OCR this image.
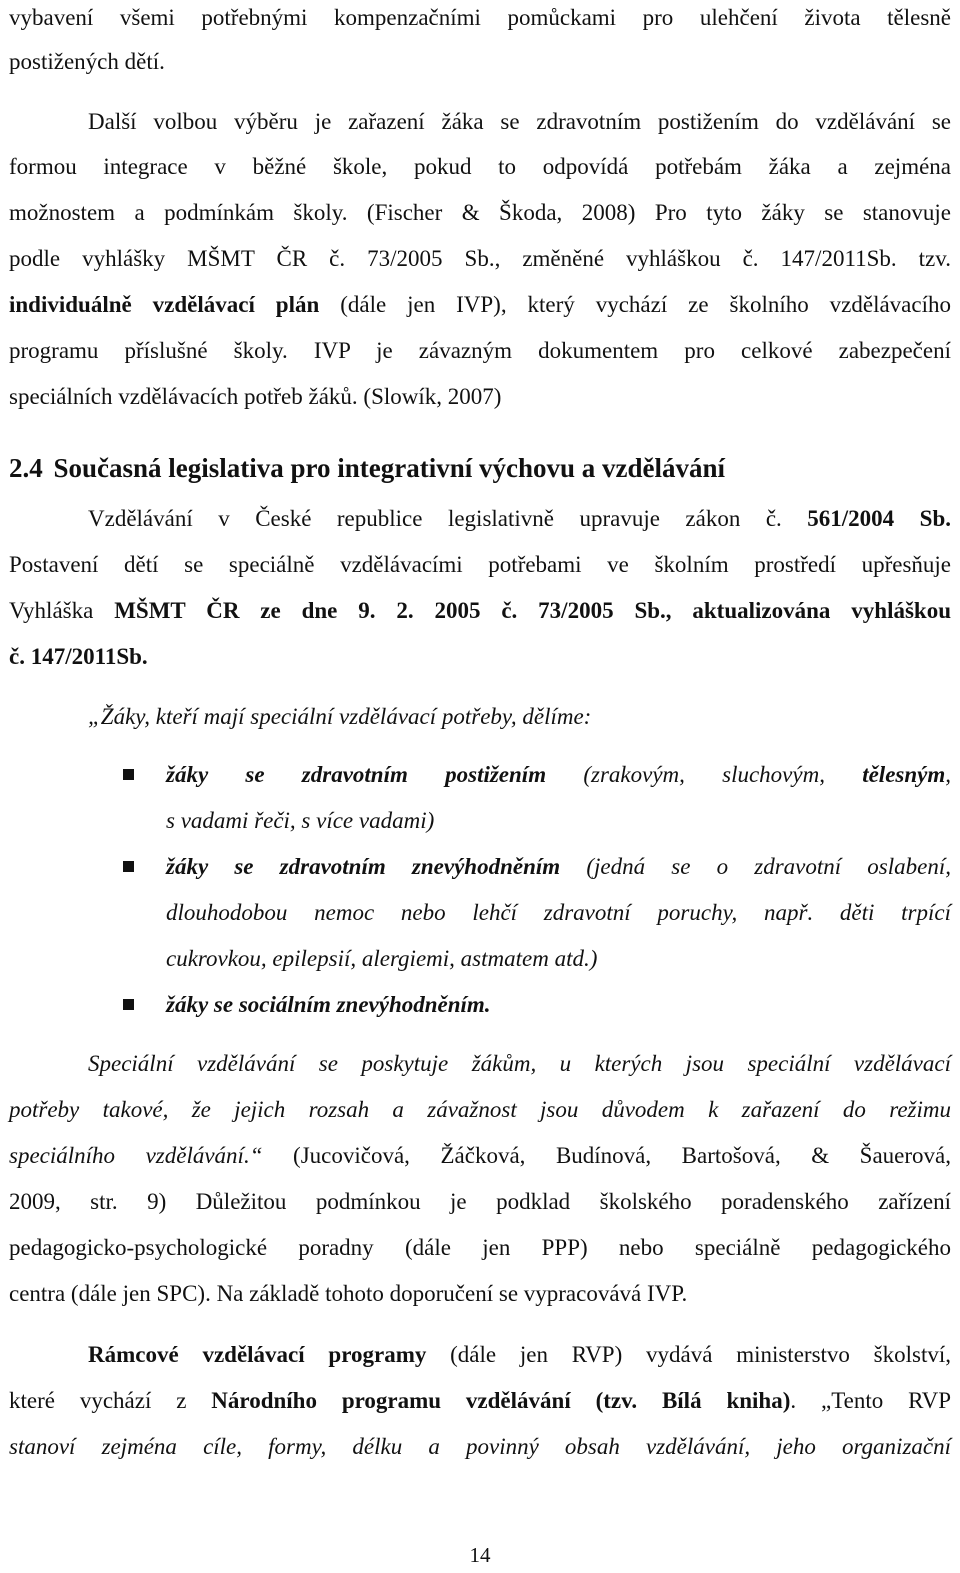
vybavení všemi potřebnými kompenzačními pomůckami pro ulehčení života tělesně
postižených dětí.
Další volbou výběru je zařazení žáka se zdravotním postižením do vzdělávání se
formou integrace v běžné škole, pokud to odpovídá potřebám žáka a zejména
možnostem a podmínkám školy. (Fischer & Škoda, 2008) Pro tyto žáky se stanovuje
podle vyhlášky MŠMT ČR č. 73/2005 Sb., změněné vyhláškou č. 147/2011Sb. tzv.
individuálně vzdělávací plán (dále jen IVP), který vychází ze školního vzdělávacího
programu příslušné školy. IVP je závazným dokumentem pro celkové zabezpečení
speciálních vzdělávacích potřeb žáků. (Slowík, 2007)
2.4 Současná legislativa pro integrativní výchovu a vzdělávání
Vzdělávání v České republice legislativně upravuje zákon č. 561/2004 Sb.
Postavení dětí se speciálně vzdělávacími potřebami ve školním prostředí upřesňuje
Vyhláška MŠMT ČR ze dne 9. 2. 2005 č. 73/2005 Sb., aktualizována vyhláškou
č. 147/2011Sb.
„Žáky, kteří mají speciální vzdělávací potřeby, dělíme:
žáky se zdravotním postižením (zrakovým, sluchovým, tělesným,
s vadami řeči, s více vadami)
žáky se zdravotním znevýhodněním (jedná se o zdravotní oslabení,
dlouhodobou nemoc nebo lehčí zdravotní poruchy, např. děti trpící
cukrovkou, epilepsií, alergiemi, astmatem atd.)
žáky se sociálním znevýhodněním.
Speciální vzdělávání se poskytuje žákům, u kterých jsou speciální vzdělávací
potřeby takové, že jejich rozsah a závažnost jsou důvodem k zařazení do režimu
speciálního vzdělávání.“ (Jucovičová, Žáčková, Budínová, Bartošová, & Šauerová,
2009, str. 9) Důležitou podmínkou je podklad školského poradenského zařízení
pedagogicko-psychologické poradny (dále jen PPP) nebo speciálně pedagogického
centra (dále jen SPC). Na základě tohoto doporučení se vypracovává IVP.
Rámcové vzdělávací programy (dále jen RVP) vydává ministerstvo školství,
které vychází z Národního programu vzdělávání (tzv. Bílá kniha). „Tento RVP
stanoví zejména cíle, formy, délku a povinný obsah vzdělávání, jeho organizační
14
